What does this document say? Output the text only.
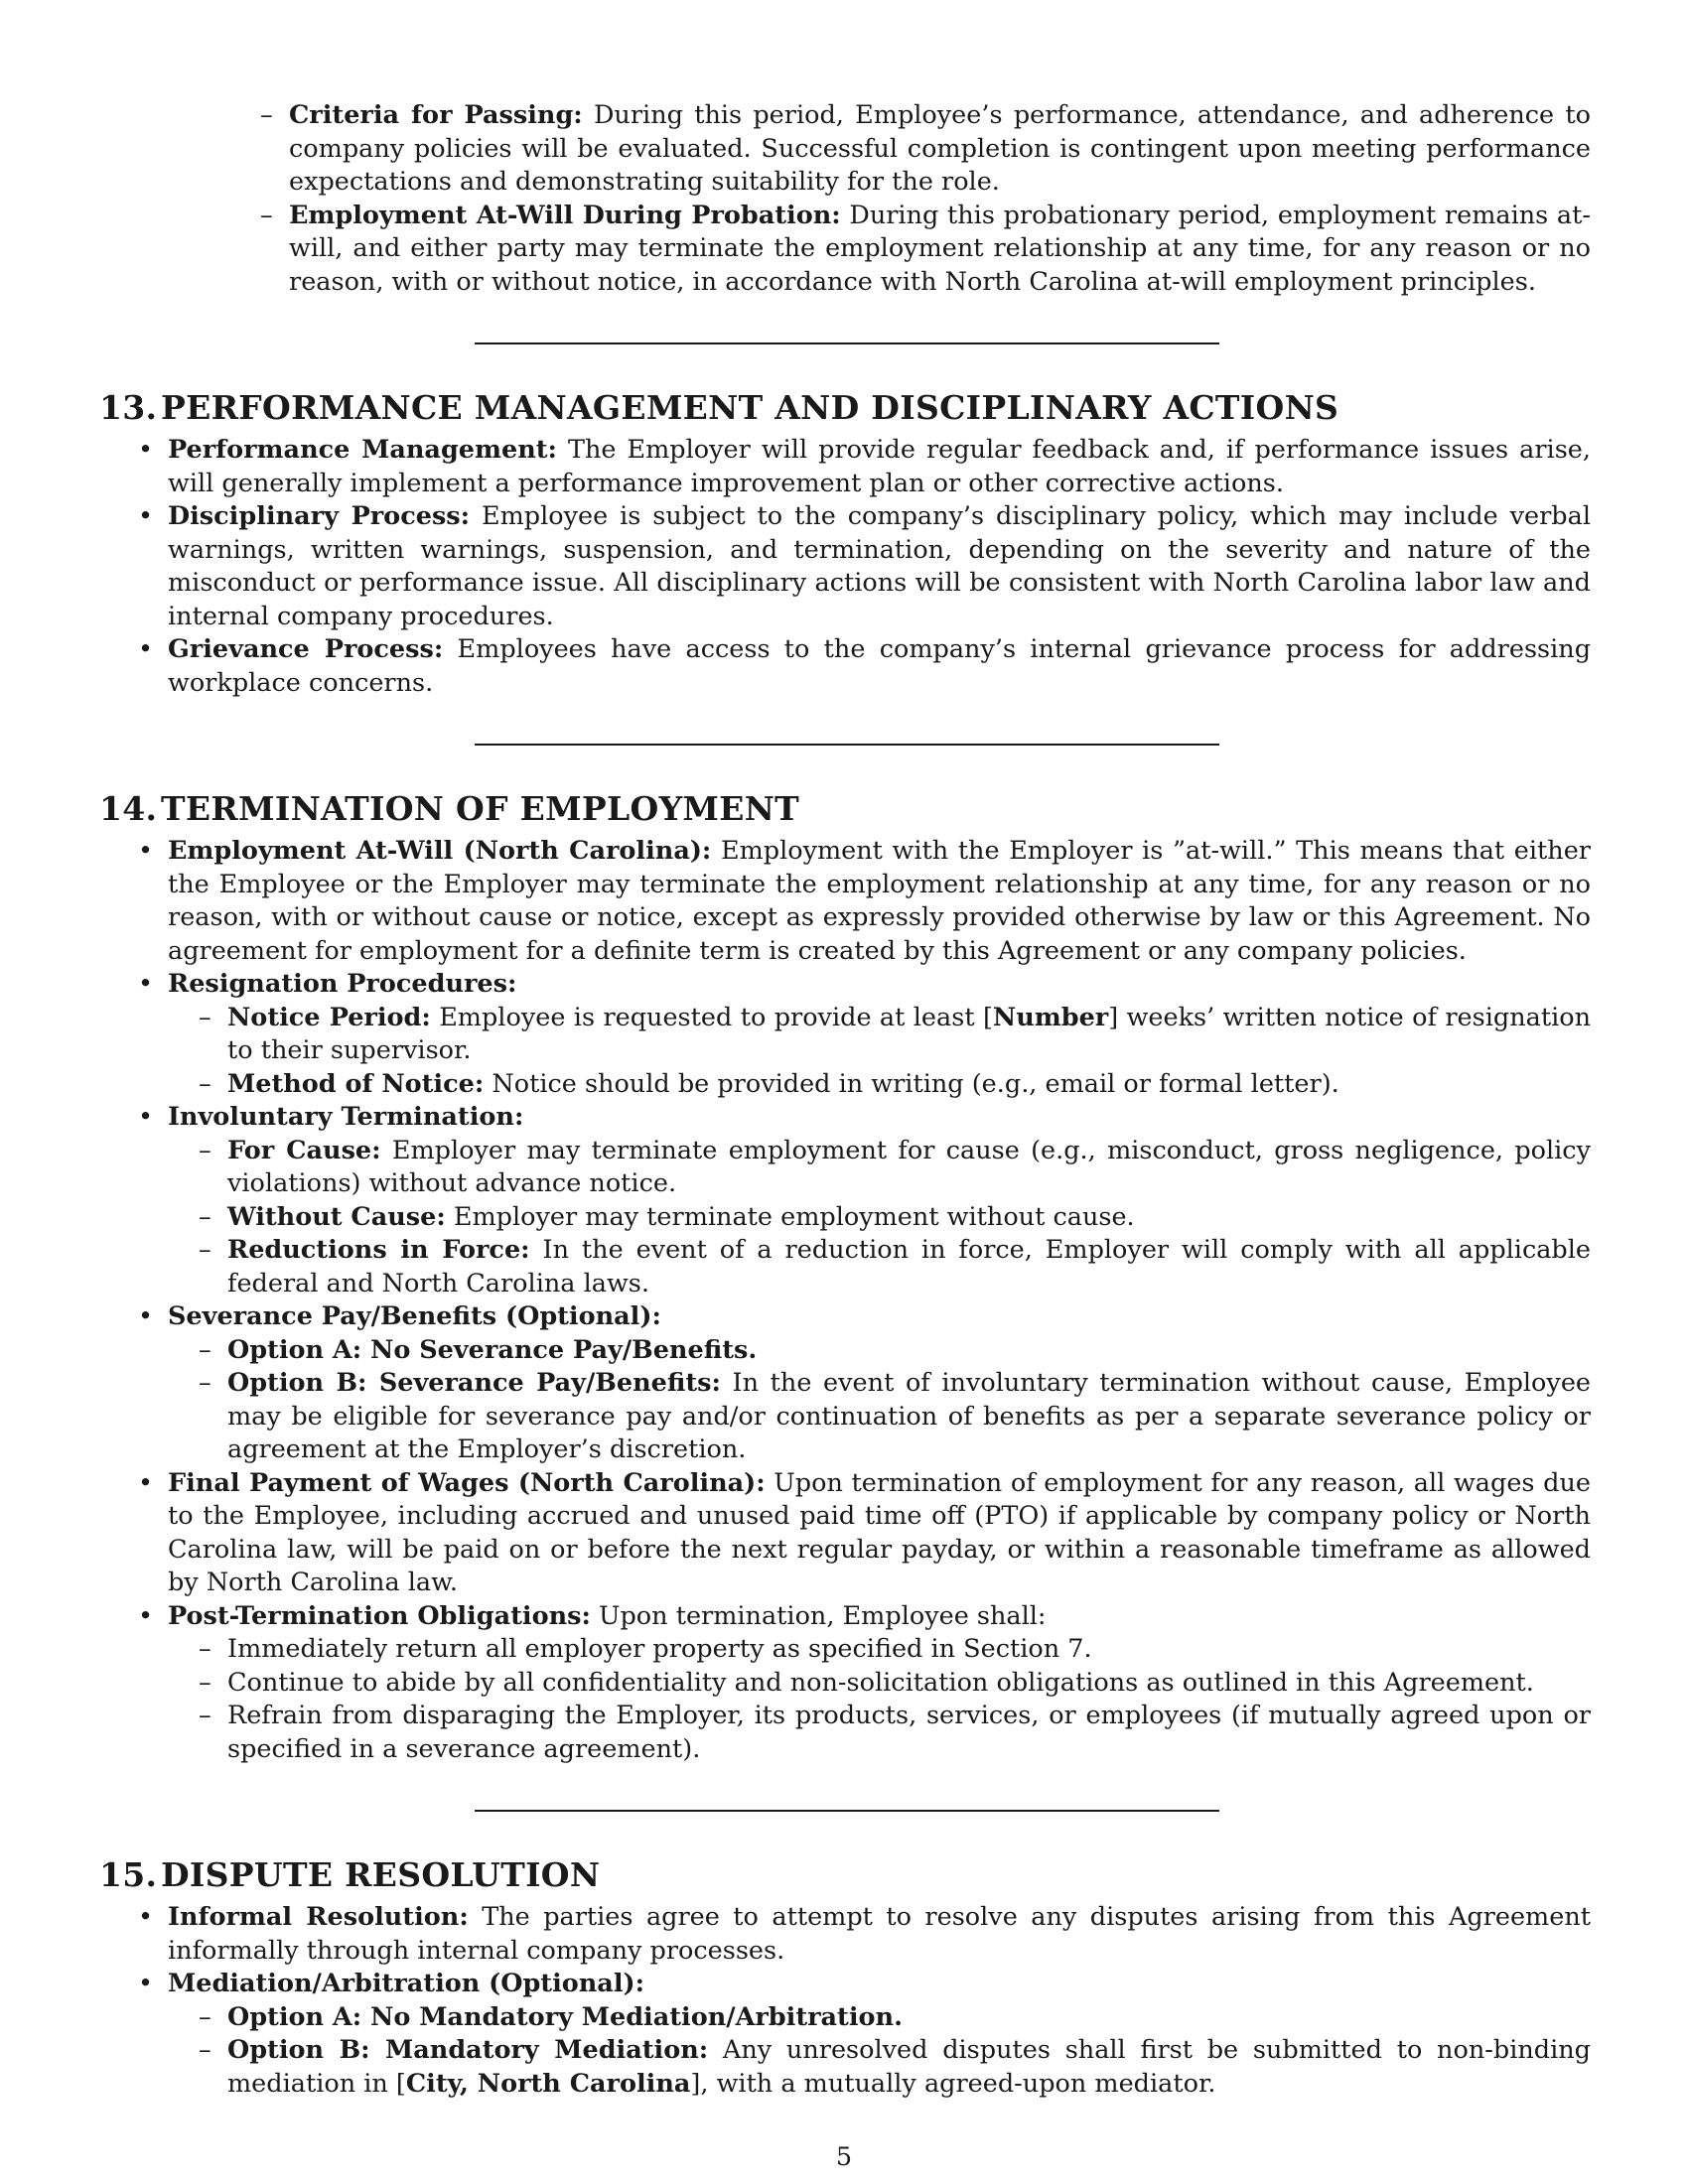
– Criteria for Passing: During this period, Employee’s performance, attendance, and adherence to company policies will be evaluated. Successful completion is contingent upon meeting performance expectations and demonstrating suitability for the role.
– Employment At-Will During Probation: During this probationary period, employment remains at-will, and either party may terminate the employment relationship at any time, for any reason or no reason, with or without notice, in accordance with North Carolina at-will employment principles.
13. PERFORMANCE MANAGEMENT AND DISCIPLINARY ACTIONS
• Performance Management: The Employer will provide regular feedback and, if performance issues arise, will generally implement a performance improvement plan or other corrective actions.
• Disciplinary Process: Employee is subject to the company’s disciplinary policy, which may include verbal warnings, written warnings, suspension, and termination, depending on the severity and nature of the misconduct or performance issue. All disciplinary actions will be consistent with North Carolina labor law and internal company procedures.
• Grievance Process: Employees have access to the company’s internal grievance process for addressing workplace concerns.
14. TERMINATION OF EMPLOYMENT
• Employment At-Will (North Carolina): Employment with the Employer is ”at-will.” This means that either the Employee or the Employer may terminate the employment relationship at any time, for any reason or no reason, with or without cause or notice, except as expressly provided otherwise by law or this Agreement. No agreement for employment for a definite term is created by this Agreement or any company policies.
• Resignation Procedures:
– Notice Period: Employee is requested to provide at least [Number] weeks’ written notice of resignation to their supervisor.
– Method of Notice: Notice should be provided in writing (e.g., email or formal letter).
• Involuntary Termination:
– For Cause: Employer may terminate employment for cause (e.g., misconduct, gross negligence, policy violations) without advance notice.
– Without Cause: Employer may terminate employment without cause.
– Reductions in Force: In the event of a reduction in force, Employer will comply with all applicable federal and North Carolina laws.
• Severance Pay/Benefits (Optional):
– Option A: No Severance Pay/Benefits.
– Option B: Severance Pay/Benefits: In the event of involuntary termination without cause, Employee may be eligible for severance pay and/or continuation of benefits as per a separate severance policy or agreement at the Employer’s discretion.
• Final Payment of Wages (North Carolina): Upon termination of employment for any reason, all wages due to the Employee, including accrued and unused paid time off (PTO) if applicable by company policy or North Carolina law, will be paid on or before the next regular payday, or within a reasonable timeframe as allowed by North Carolina law.
• Post-Termination Obligations: Upon termination, Employee shall:
– Immediately return all employer property as specified in Section 7.
– Continue to abide by all confidentiality and non-solicitation obligations as outlined in this Agreement.
– Refrain from disparaging the Employer, its products, services, or employees (if mutually agreed upon or specified in a severance agreement).
15. DISPUTE RESOLUTION
• Informal Resolution: The parties agree to attempt to resolve any disputes arising from this Agreement informally through internal company processes.
• Mediation/Arbitration (Optional):
– Option A: No Mandatory Mediation/Arbitration.
– Option B: Mandatory Mediation: Any unresolved disputes shall first be submitted to non-binding mediation in [City, North Carolina], with a mutually agreed-upon mediator.
5
